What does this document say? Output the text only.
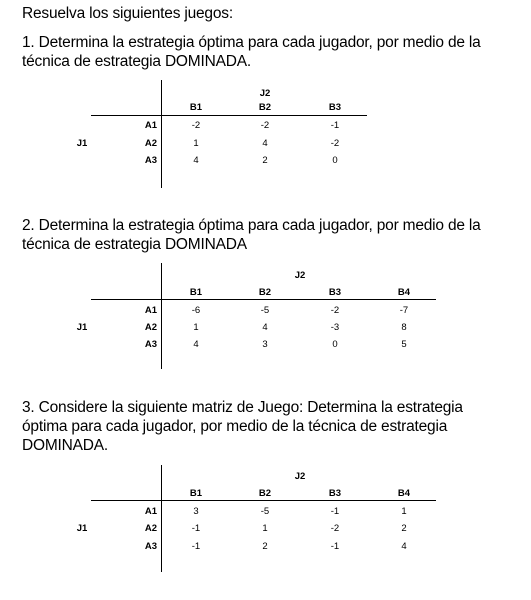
Resuelva los siguientes juegos:
1. Determina la estrategia óptima para cada jugador, por medio de la técnica de estrategia DOMINADA.
J2
B1	B2	B3
J1
A1	-2	-2	-1
A2	1	4	-2
A3	4	2	0
2. Determina la estrategia óptima para cada jugador, por medio de la técnica de estrategia DOMINADA
J2
B1	B2	B3	B4
J1
A1	-6	-5	-2	-7
A2	1	4	-3	8
A3	4	3	0	5
3. Considere la siguiente matriz de Juego: Determina la estrategia óptima para cada jugador, por medio de la técnica de estrategia DOMINADA.
J2
B1	B2	B3	B4
J1
A1	3	-5	-1	1
A2	-1	1	-2	2
A3	-1	2	-1	4
